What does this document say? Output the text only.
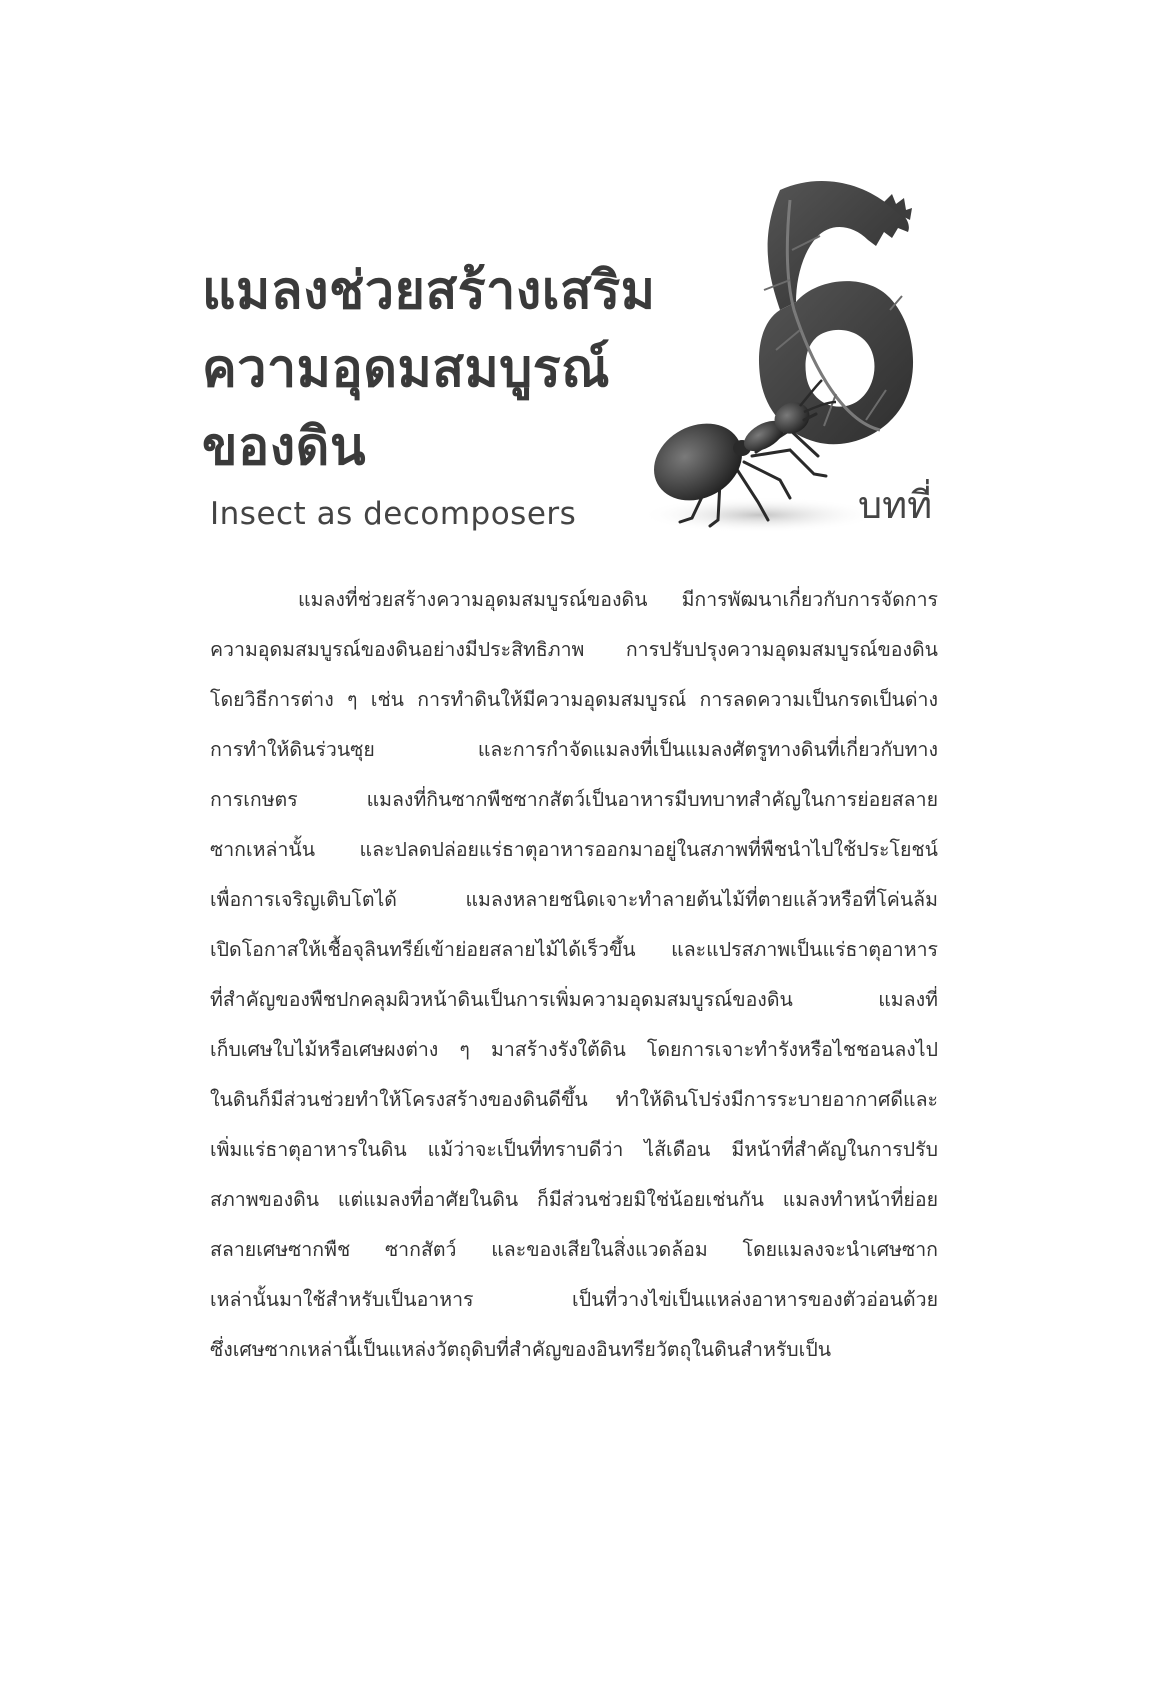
แมลงช่วยสร้างเสริม
ความอุดมสมบูรณ์
ของดิน

Insect as decomposers	บทที่

แมลงที่ช่วยสร้างความอุดมสมบูรณ์ของดิน มีการพัฒนาเกี่ยวกับการจัดการ

ความอุดมสมบูรณ์ของดินอย่างมีประสิทธิภาพ การปรับปรุงความอุดมสมบูรณ์ของดิน

โดยวิธีการต่าง ๆ เช่น การทำดินให้มีความอุดมสมบูรณ์ การลดความเป็นกรดเป็นด่าง

การทำให้ดินร่วนซุย และการกำจัดแมลงที่เป็นแมลงศัตรูทางดินที่เกี่ยวกับทาง

การเกษตร แมลงที่กินซากพืชซากสัตว์เป็นอาหารมีบทบาทสำคัญในการย่อยสลาย

ซากเหล่านั้น และปลดปล่อยแร่ธาตุอาหารออกมาอยู่ในสภาพที่พืชนำไปใช้ประโยชน์

เพื่อการเจริญเติบโตได้ แมลงหลายชนิดเจาะทำลายต้นไม้ที่ตายแล้วหรือที่โค่นล้ม

เปิดโอกาสให้เชื้อจุลินทรีย์เข้าย่อยสลายไม้ได้เร็วขึ้น และแปรสภาพเป็นแร่ธาตุอาหาร

ที่สำคัญของพืชปกคลุมผิวหน้าดินเป็นการเพิ่มความอุดมสมบูรณ์ของดิน แมลงที่

เก็บเศษใบไม้หรือเศษผงต่าง ๆ มาสร้างรังใต้ดิน โดยการเจาะทำรังหรือไชชอนลงไป

ในดินก็มีส่วนช่วยทำให้โครงสร้างของดินดีขึ้น ทำให้ดินโปร่งมีการระบายอากาศดีและ

เพิ่มแร่ธาตุอาหารในดิน แม้ว่าจะเป็นที่ทราบดีว่า ไส้เดือน มีหน้าที่สำคัญในการปรับ

สภาพของดิน แต่แมลงที่อาศัยในดิน ก็มีส่วนช่วยมิใช่น้อยเช่นกัน แมลงทำหน้าที่ย่อย

สลายเศษซากพืช ซากสัตว์ และของเสียในสิ่งแวดล้อม โดยแมลงจะนำเศษซาก

เหล่านั้นมาใช้สำหรับเป็นอาหาร เป็นที่วางไข่เป็นแหล่งอาหารของตัวอ่อนด้วย

ซึ่งเศษซากเหล่านี้เป็นแหล่งวัตถุดิบที่สำคัญของอินทรียวัตถุในดินสำหรับเป็น
